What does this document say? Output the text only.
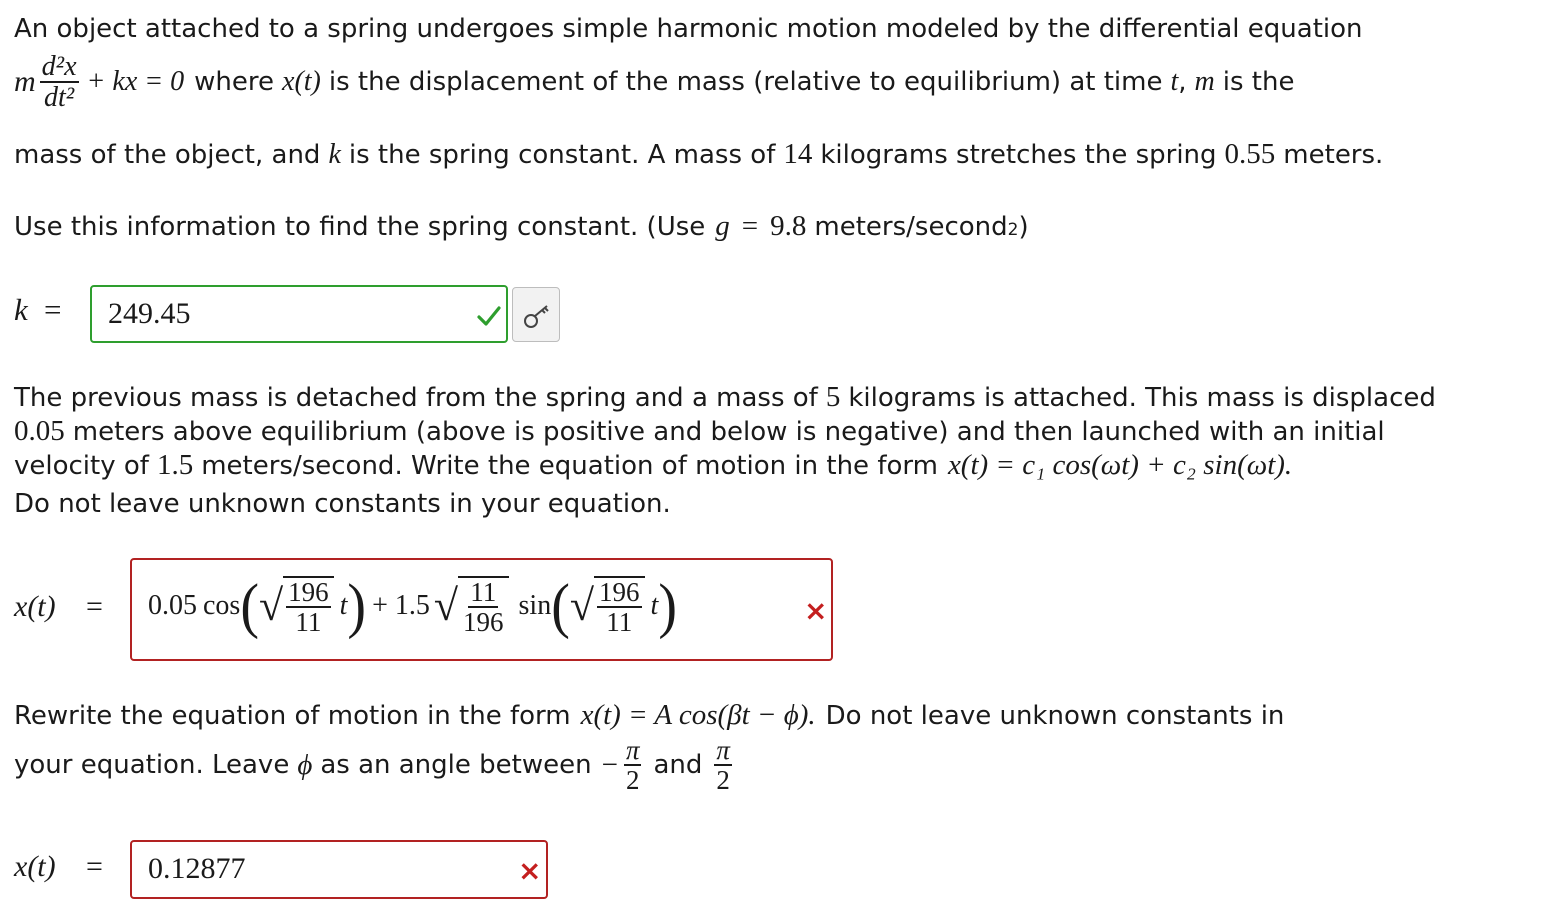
An object attached to a spring undergoes simple harmonic motion modeled by the differential equation
m $\frac{\text{d²x}}{\text{dt²}}$ + kx = 0 where x(t) is the displacement of the mass (relative to equilibrium) at time t , m is the
mass of the object, and k is the spring constant. A mass of 14 kilograms stretches the spring 0.55 meters.
Use this information to find the spring constant. (Use g = 9.8 meters/second 2 )
k = 249.45
The previous mass is detached from the spring and a mass of 5 kilograms is attached. This mass is displaced
0.05 meters above equilibrium (above is positive and below is negative) and then launched with an initial
velocity of 1.5 meters/second. Write the equation of motion in the form x(t) = c₁ cos(ωt) + c₂ sin(ωt).
Do not leave unknown constants in your equation.
x(t) = 0.05 cos ( √ $\frac{196}{11}$ t ) + 1.5 √ $\frac{11}{196}$ sin ( √ $\frac{196}{11}$ t )	×
Rewrite the equation of motion in the form x(t) = A cos(βt − ϕ). Do not leave unknown constants in
your equation. Leave ϕ as an angle between − $\frac{\pi}{2}$ and $\frac{\pi}{2}$
x(t) = 0.12877	×
